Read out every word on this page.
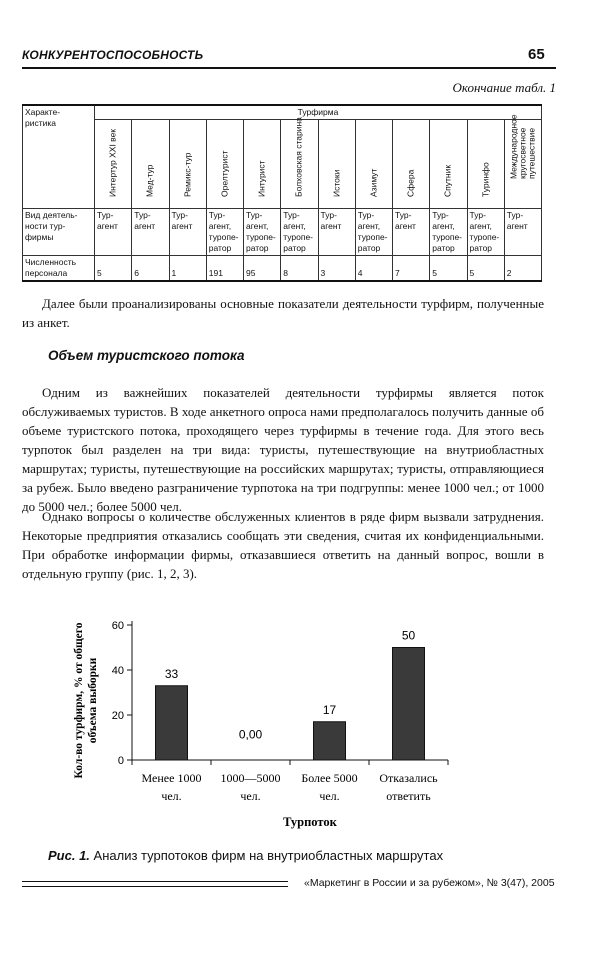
КОНКУРЕНТОСПОСОБНОСТЬ	65
Окончание табл. 1
Характе- ристика	Турфирма											

	Интертур XXI век	Мед-тур	Ремикс-тур	Орелтурист	Интурист	Болховская старина	Истоки	Азимут	Сфера	Спутник	Туринфо	Международное кругосветное путешествие

Вид деятель- ности тур- фирмы	Тур- агент	Тур- агент	Тур- агент	Тур- агент, туропе- ратор	Тур- агент, туропе- ратор	Тур- агент, туропе- ратор	Тур- агент	Тур- агент, туропе- ратор	Тур- агент	Тур- агент, туропе- ратор	Тур- агент, туропе- ратор	Тур- агент
Численность персонала	5	6	1	191	95	8	3	4	7	5	5	2
Далее были проанализированы основные показатели деятельности турфирм, полученные из анкет.
Объем туристского потока
Одним из важнейших показателей деятельности турфирмы является поток обслуживаемых туристов. В ходе анкетного опроса нами предполагалось получить данные об объеме туристского потока, проходящего через турфирмы в течение года. Для этого весь турпоток был разделен на три вида: туристы, путешествующие на внутриобластных маршрутах; туристы, путешествующие на российских маршрутах; туристы, отправляющиеся за рубеж. Было введено разграничение турпотока на три подгруппы: менее 1000 чел.; от 1000 до 5000 чел.; более 5000 чел.
Однако вопросы о количестве обслуженных клиентов в ряде фирм вызвали затруднения. Некоторые предприятия отказались сообщать эти сведения, считая их конфиденциальными. При обработке информации фирмы, отказавшиеся ответить на данный вопрос, вошли в отдельную группу (рис. 1, 2, 3).
0
20
40
60
33
Менее 1000
чел.
0,00
1000—5000
чел.
17
Более 5000
чел.
50
Отказались
ответить
Кол-во турфирм, % от общего объема выборки
Турпоток
Рис. 1. Анализ турпотоков фирм на внутриобластных маршрутах
«Маркетинг в России и за рубежом», № 3(47), 2005
